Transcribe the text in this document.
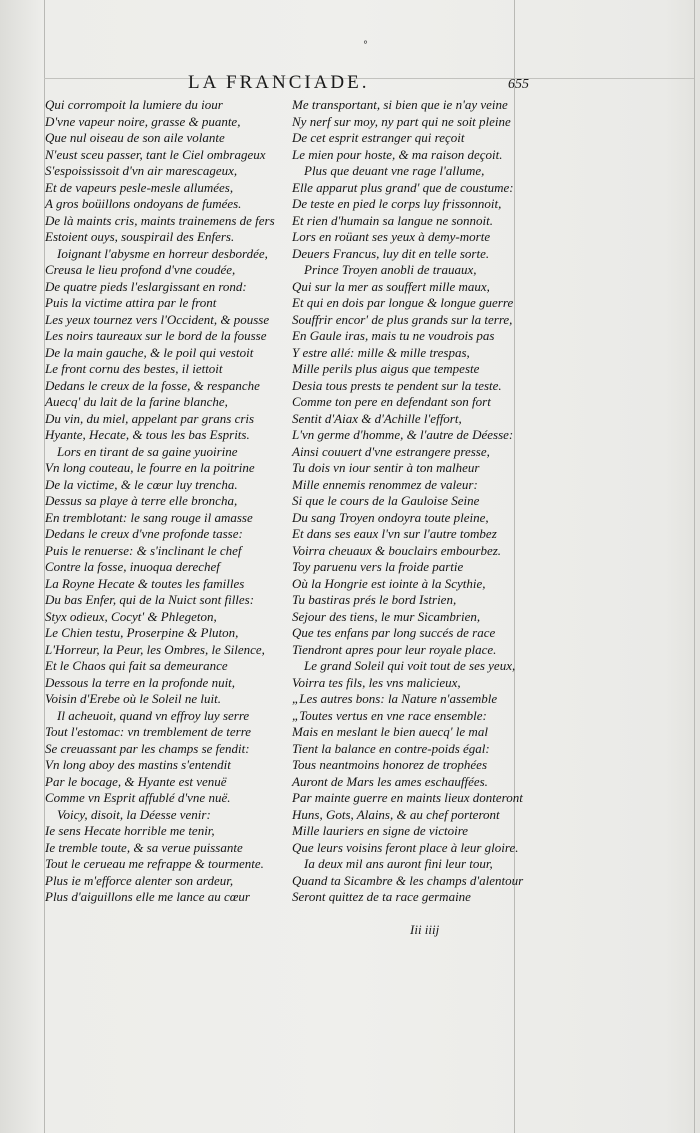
°
LA FRANCIADE.	655
Qui corrompoit la lumiere du iour
D'vne vapeur noire, grasse & puante,
Que nul oiseau de son aile volante
N'eust sceu passer, tant le Ciel ombrageux
S'espoississoit d'vn air marescageux,
Et de vapeurs pesle-mesle allumées,
A gros boüillons ondoyans de fumées.
De là maints cris, maints trainemens de fers
Estoient ouys, souspirail des Enfers.
Ioignant l'abysme en horreur desbordée,
Creusa le lieu profond d'vne coudée,
De quatre pieds l'eslargissant en rond:
Puis la victime attira par le front
Les yeux tournez vers l'Occident, & pousse
Les noirs taureaux sur le bord de la fousse
De la main gauche, & le poil qui vestoit
Le front cornu des bestes, il iettoit
Dedans le creux de la fosse, & respanche
Auecq' du lait de la farine blanche,
Du vin, du miel, appelant par grans cris
Hyante, Hecate, & tous les bas Esprits.
Lors en tirant de sa gaine yuoirine
Vn long couteau, le fourre en la poitrine
De la victime, & le cœur luy trencha.
Dessus sa playe à terre elle broncha,
En tremblotant: le sang rouge il amasse
Dedans le creux d'vne profonde tasse:
Puis le renuerse: & s'inclinant le chef
Contre la fosse, inuoqua derechef
La Royne Hecate & toutes les familles
Du bas Enfer, qui de la Nuict sont filles:
Styx odieux, Cocyt' & Phlegeton,
Le Chien testu, Proserpine & Pluton,
L'Horreur, la Peur, les Ombres, le Silence,
Et le Chaos qui fait sa demeurance
Dessous la terre en la profonde nuit,
Voisin d'Erebe où le Soleil ne luit.
Il acheuoit, quand vn effroy luy serre
Tout l'estomac: vn tremblement de terre
Se creuassant par les champs se fendit:
Vn long aboy des mastins s'entendit
Par le bocage, & Hyante est venuë
Comme vn Esprit affublé d'vne nuë.
Voicy, disoit, la Déesse venir:
Ie sens Hecate horrible me tenir,
Ie tremble toute, & sa verue puissante
Tout le cerueau me refrappe & tourmente.
Plus ie m'efforce alenter son ardeur,
Plus d'aiguillons elle me lance au cœur
Me transportant, si bien que ie n'ay veine
Ny nerf sur moy, ny part qui ne soit pleine
De cet esprit estranger qui reçoit
Le mien pour hoste, & ma raison deçoit.
Plus que deuant vne rage l'allume,
Elle apparut plus grand' que de coustume:
De teste en pied le corps luy frissonnoit,
Et rien d'humain sa langue ne sonnoit.
Lors en roüant ses yeux à demy-morte
Deuers Francus, luy dit en telle sorte.
Prince Troyen anobli de trauaux,
Qui sur la mer as souffert mille maux,
Et qui en dois par longue & longue guerre
Souffrir encor' de plus grands sur la terre,
En Gaule iras, mais tu ne voudrois pas
Y estre allé: mille & mille trespas,
Mille perils plus aigus que tempeste
Desia tous prests te pendent sur la teste.
Comme ton pere en defendant son fort
Sentit d'Aiax & d'Achille l'effort,
L'vn germe d'homme, & l'autre de Déesse:
Ainsi couuert d'vne estrangere presse,
Tu dois vn iour sentir à ton malheur
Mille ennemis renommez de valeur:
Si que le cours de la Gauloise Seine
Du sang Troyen ondoyra toute pleine,
Et dans ses eaux l'vn sur l'autre tombez
Voirra cheuaux & bouclairs embourbez.
Toy paruenu vers la froide partie
Où la Hongrie est iointe à la Scythie,
Tu bastiras prés le bord Istrien,
Sejour des tiens, le mur Sicambrien,
Que tes enfans par long succés de race
Tiendront apres pour leur royale place.
Le grand Soleil qui voit tout de ses yeux,
Voirra tes fils, les vns malicieux,
„Les autres bons: la Nature n'assemble
„Toutes vertus en vne race ensemble:
Mais en meslant le bien auecq' le mal
Tient la balance en contre-poids égal:
Tous neantmoins honorez de trophées
Auront de Mars les ames eschauffées.
Par mainte guerre en maints lieux donteront
Huns, Gots, Alains, & au chef porteront
Mille lauriers en signe de victoire
Que leurs voisins feront place à leur gloire.
Ia deux mil ans auront fini leur tour,
Quand ta Sicambre & les champs d'alentour
Seront quittez de ta race germaine
Iii iiij
